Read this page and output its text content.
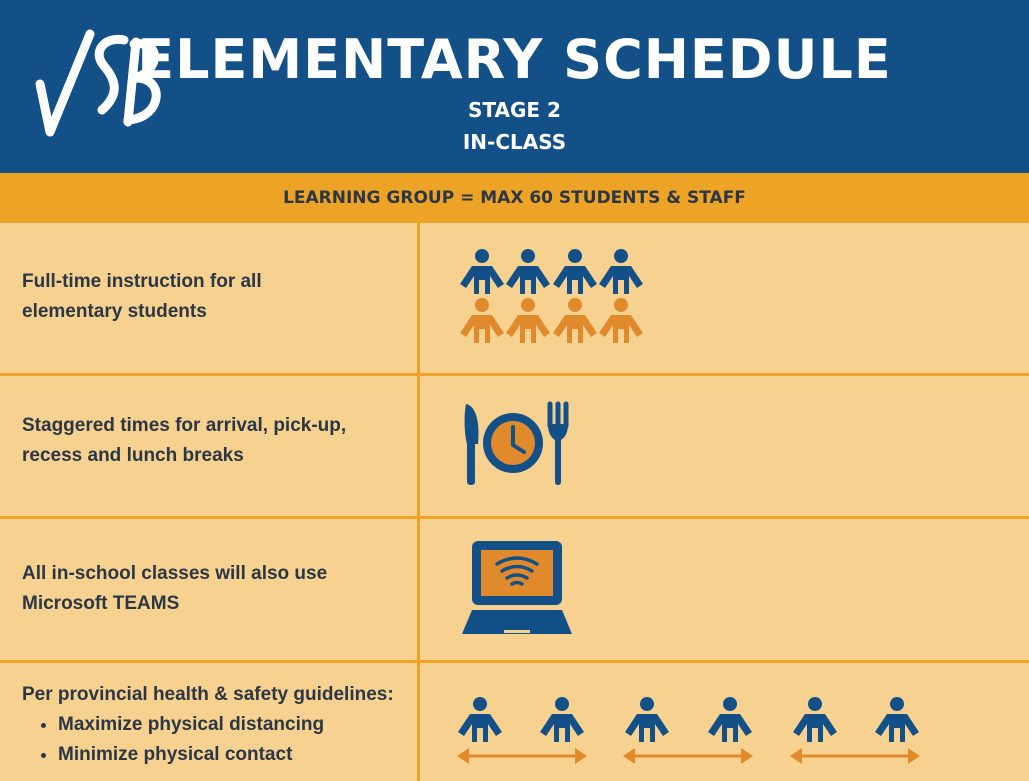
ELEMENTARY SCHEDULE
STAGE 2
IN-CLASS
LEARNING GROUP = MAX 60 STUDENTS & STAFF
Full-time instruction for all
elementary students
Staggered times for arrival, pick-up,
recess and lunch breaks
All in-school classes will also use
Microsoft TEAMS
Per provincial health & safety guidelines:
• Maximize physical distancing
• Minimize physical contact
